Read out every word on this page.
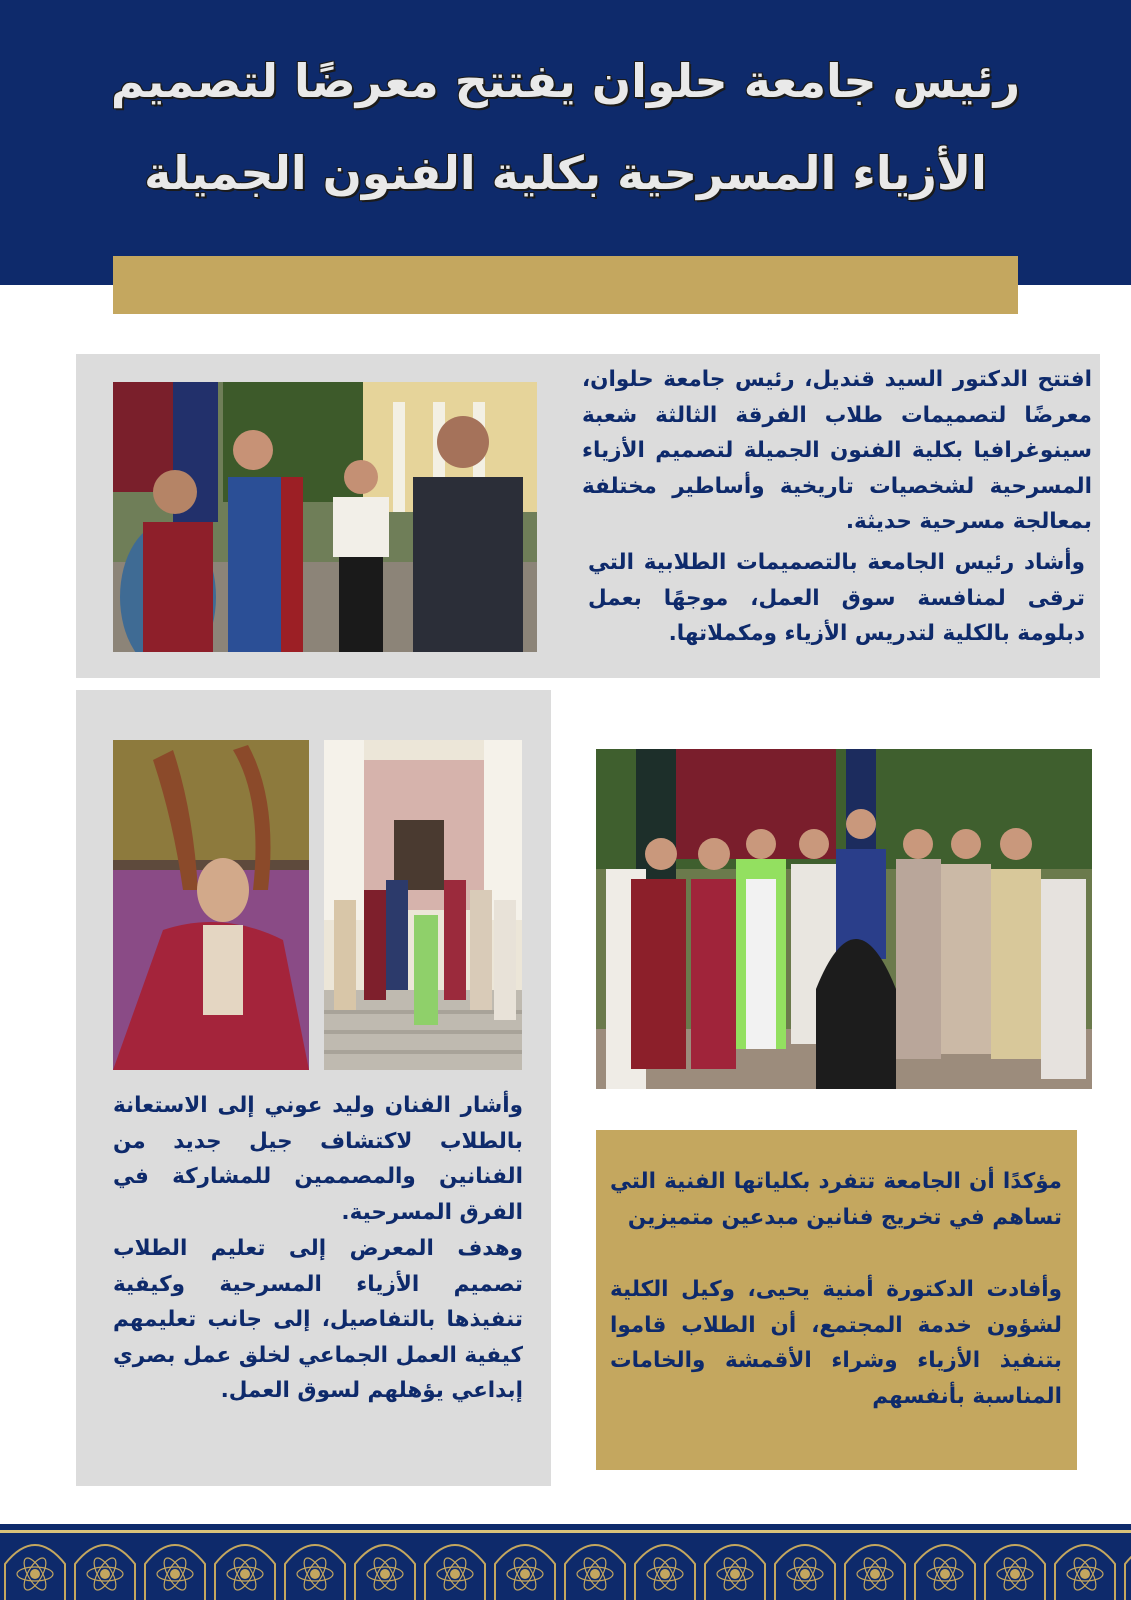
رئيس جامعة حلوان يفتتح معرضًا لتصميم
الأزياء المسرحية بكلية الفنون الجميلة
افتتح الدكتور السيد قنديل، رئيس جامعة حلوان، معرضًا لتصميمات طلاب الفرقة الثالثة شعبة سينوغرافيا بكلية الفنون الجميلة لتصميم الأزياء المسرحية لشخصيات تاريخية وأساطير مختلفة بمعالجة مسرحية حديثة.
وأشاد رئيس الجامعة بالتصميمات الطلابية التي ترقى لمنافسة سوق العمل، موجهًا بعمل دبلومة بالكلية لتدريس الأزياء ومكملاتها.
وأشار الفنان وليد عوني إلى الاستعانة بالطلاب لاكتشاف جيل جديد من الفنانين والمصممين للمشاركة في الفرق المسرحية.
وهدف المعرض إلى تعليم الطلاب تصميم الأزياء المسرحية وكيفية تنفيذها بالتفاصيل، إلى جانب تعليمهم كيفية العمل الجماعي لخلق عمل بصري إبداعي يؤهلهم لسوق العمل.
مؤكدًا أن الجامعة تتفرد بكلياتها الفنية التي تساهم في تخريج فنانين مبدعين متميزين
وأفادت الدكتورة أمنية يحيى، وكيل الكلية لشؤون خدمة المجتمع، أن الطلاب قاموا بتنفيذ الأزياء وشراء الأقمشة والخامات المناسبة بأنفسهم
